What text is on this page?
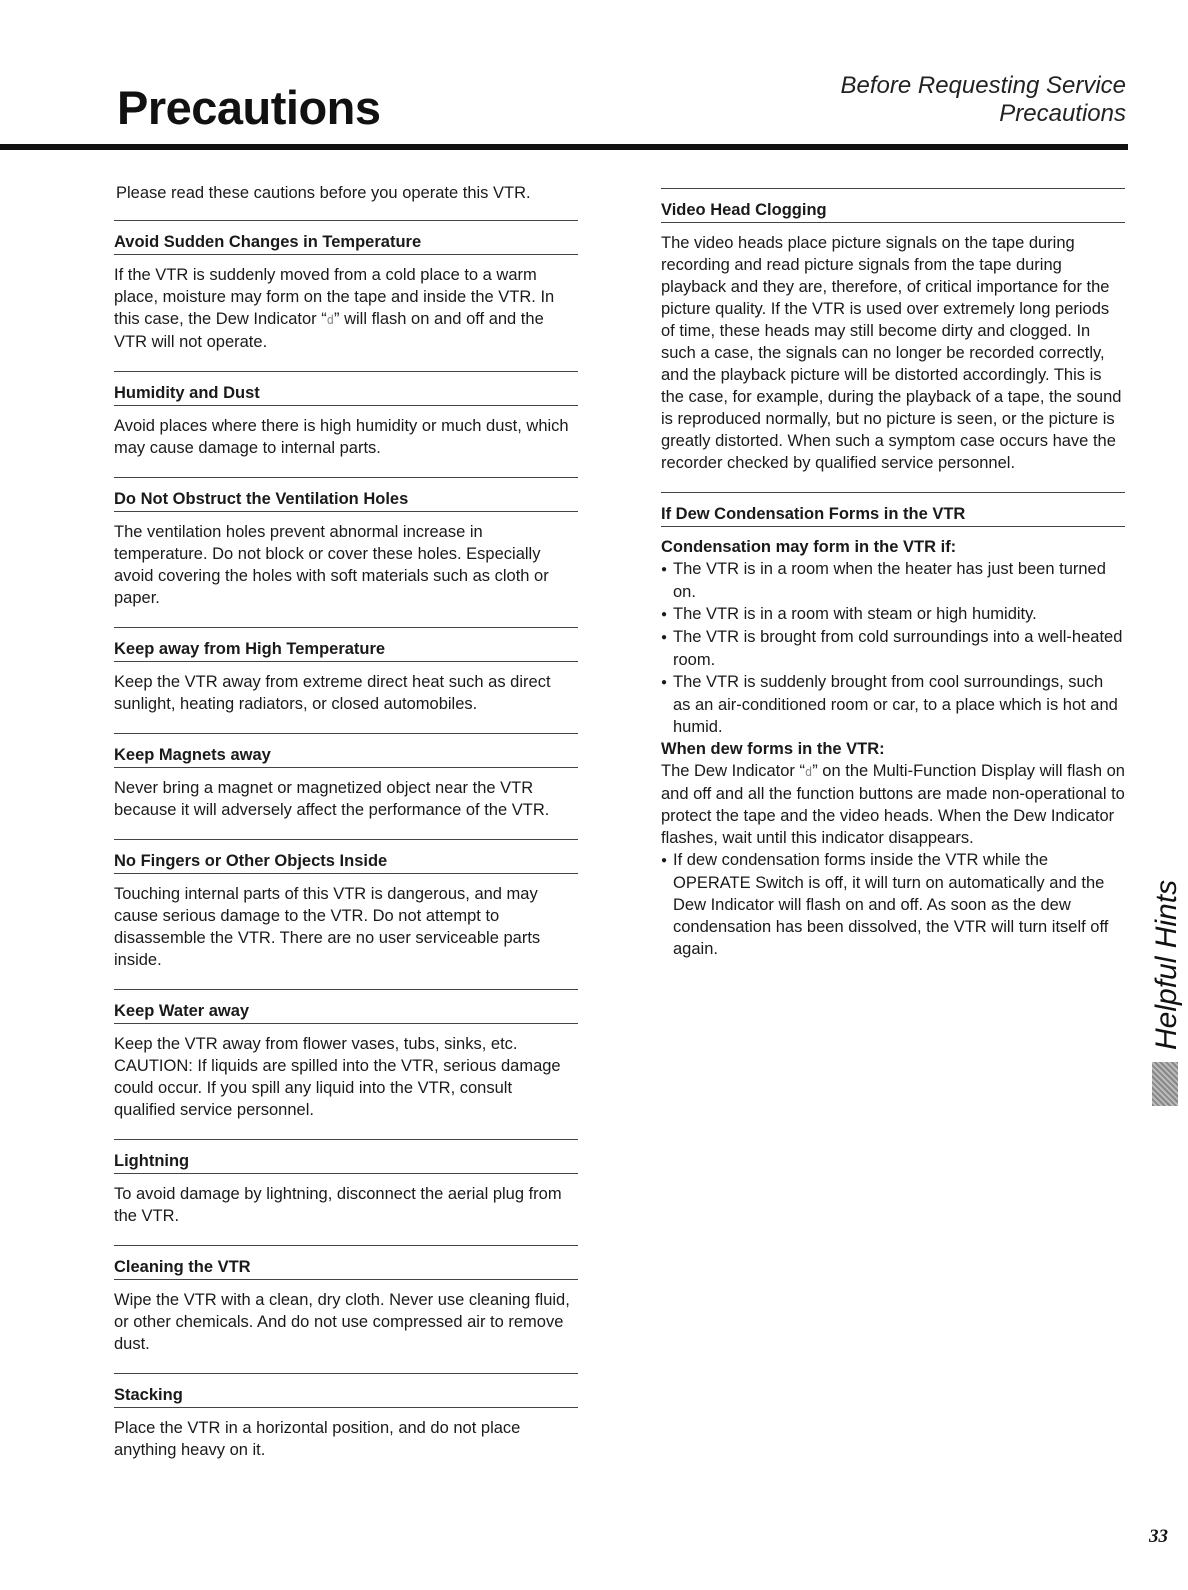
Precautions	Before Requesting Service
Precautions

Please read these cautions before you operate this VTR.

Avoid Sudden Changes in Temperature

If the VTR is suddenly moved from a cold place to a warm place, moisture may form on the tape and inside the VTR. In this case, the Dew Indicator “d” will flash on and off and the VTR will not operate.

Humidity and Dust

Avoid places where there is high humidity or much dust, which may cause damage to internal parts.

Do Not Obstruct the Ventilation Holes

The ventilation holes prevent abnormal increase in temperature. Do not block or cover these holes. Especially avoid covering the holes with soft materials such as cloth or paper.

Keep away from High Temperature

Keep the VTR away from extreme direct heat such as direct sunlight, heating radiators, or closed automobiles.

Keep Magnets away

Never bring a magnet or magnetized object near the VTR because it will adversely affect the performance of the VTR.

No Fingers or Other Objects Inside

Touching internal parts of this VTR is dangerous, and may cause serious damage to the VTR. Do not attempt to disassemble the VTR. There are no user serviceable parts inside.

Keep Water away

Keep the VTR away from flower vases, tubs, sinks, etc. CAUTION: If liquids are spilled into the VTR, serious damage could occur. If you spill any liquid into the VTR, consult qualified service personnel.

Lightning

To avoid damage by lightning, disconnect the aerial plug from the VTR.

Cleaning the VTR

Wipe the VTR with a clean, dry cloth. Never use cleaning fluid, or other chemicals. And do not use compressed air to remove dust.

Stacking

Place the VTR in a horizontal position, and do not place anything heavy on it.

Video Head Clogging

The video heads place picture signals on the tape during recording and read picture signals from the tape during playback and they are, therefore, of critical importance for the picture quality. If the VTR is used over extremely long periods of time, these heads may still become dirty and clogged. In such a case, the signals can no longer be recorded correctly, and the playback picture will be distorted accordingly. This is the case, for example, during the playback of a tape, the sound is reproduced normally, but no picture is seen, or the picture is greatly distorted. When such a symptom case occurs have the recorder checked by qualified service personnel.

If Dew Condensation Forms in the VTR

Condensation may form in the VTR if:

● The VTR is in a room when the heater has just been turned on.
● The VTR is in a room with steam or high humidity.
● The VTR is brought from cold surroundings into a well-heated room.
● The VTR is suddenly brought from cool surroundings, such as an air-conditioned room or car, to a place which is hot and humid.

When dew forms in the VTR:

The Dew Indicator “d” on the Multi-Function Display will flash on and off and all the function buttons are made non-operational to protect the tape and the video heads. When the Dew Indicator flashes, wait until this indicator disappears.

● If dew condensation forms inside the VTR while the OPERATE Switch is off, it will turn on automatically and the Dew Indicator will flash on and off. As soon as the dew condensation has been dissolved, the VTR will turn itself off again.	Helpful Hints
33
